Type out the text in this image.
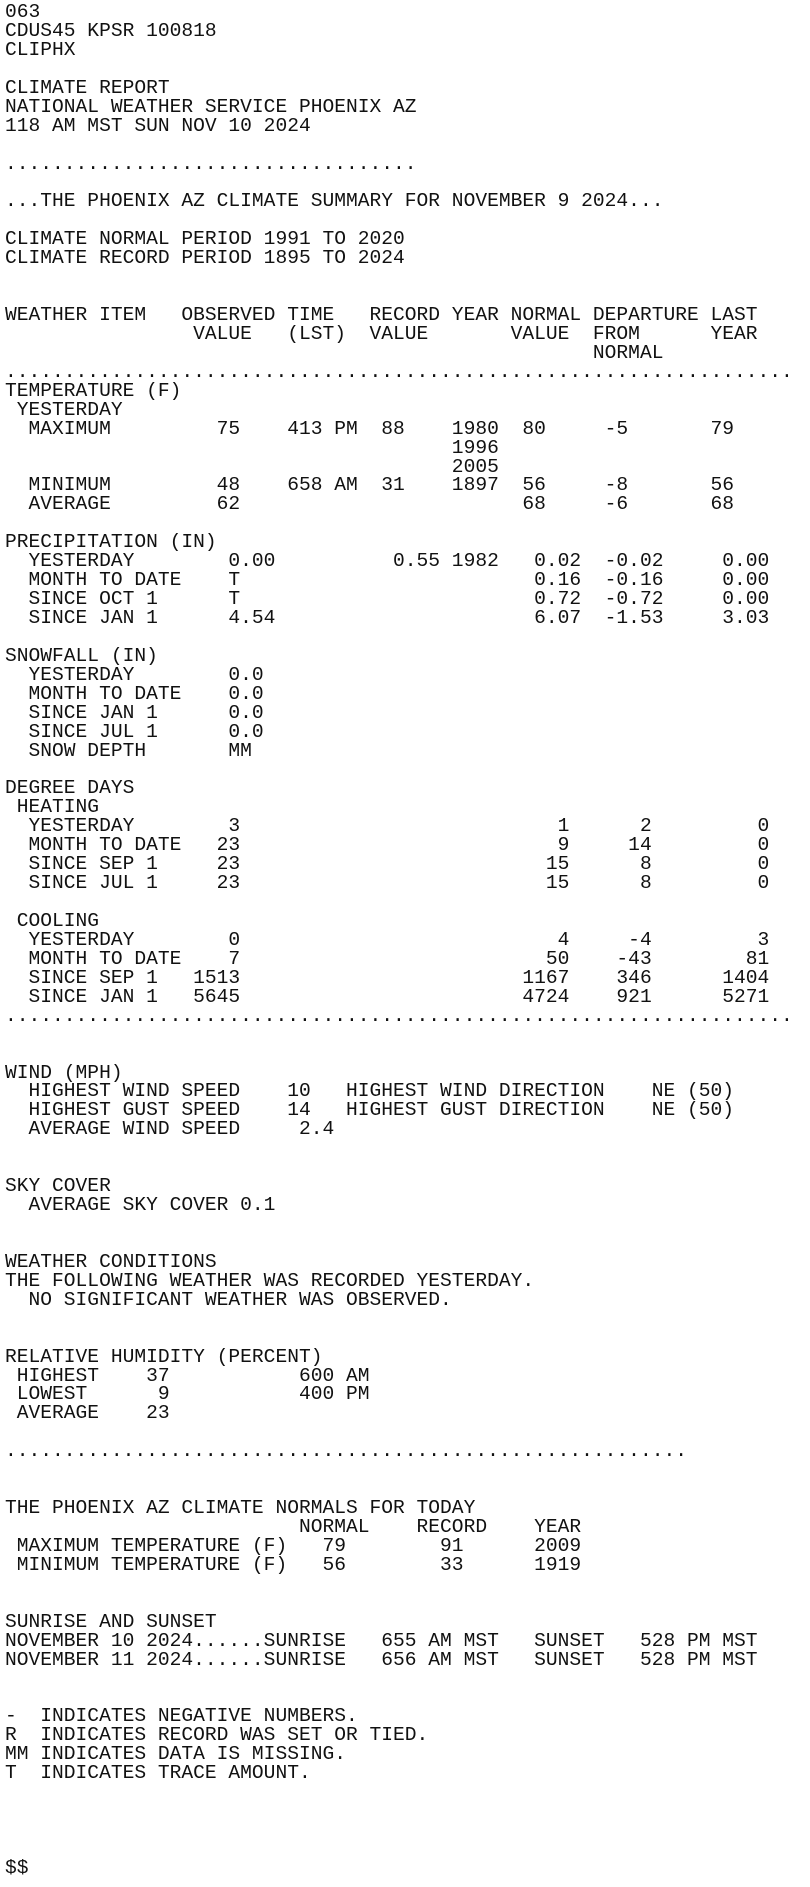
063
CDUS45 KPSR 100818
CLIPHX
CLIMATE REPORT
NATIONAL WEATHER SERVICE PHOENIX AZ
118 AM MST SUN NOV 10 2024
...................................
...THE PHOENIX AZ CLIMATE SUMMARY FOR NOVEMBER 9 2024...
CLIMATE NORMAL PERIOD 1991 TO 2020
CLIMATE RECORD PERIOD 1895 TO 2024
WEATHER ITEM   OBSERVED TIME   RECORD YEAR NORMAL DEPARTURE LAST
VALUE   (LST)  VALUE       VALUE  FROM      YEAR
NORMAL
...................................................................
TEMPERATURE (F)
YESTERDAY
MAXIMUM         75    413 PM  88    1980  80     -5       79
1996
2005
MINIMUM         48    658 AM  31    1897  56     -8       56
AVERAGE         62                        68     -6       68
PRECIPITATION (IN)
YESTERDAY        0.00          0.55 1982   0.02  -0.02     0.00
MONTH TO DATE    T                         0.16  -0.16     0.00
SINCE OCT 1      T                         0.72  -0.72     0.00
SINCE JAN 1      4.54                      6.07  -1.53     3.03
SNOWFALL (IN)
YESTERDAY        0.0
MONTH TO DATE    0.0
SINCE JAN 1      0.0
SINCE JUL 1      0.0
SNOW DEPTH       MM
DEGREE DAYS
HEATING
YESTERDAY        3                           1      2         0
MONTH TO DATE   23                           9     14         0
SINCE SEP 1     23                          15      8         0
SINCE JUL 1     23                          15      8         0
COOLING
YESTERDAY        0                           4     -4         3
MONTH TO DATE    7                          50    -43        81
SINCE SEP 1   1513                        1167    346      1404
SINCE JAN 1   5645                        4724    921      5271
...................................................................
WIND (MPH)
HIGHEST WIND SPEED    10   HIGHEST WIND DIRECTION    NE (50)
HIGHEST GUST SPEED    14   HIGHEST GUST DIRECTION    NE (50)
AVERAGE WIND SPEED     2.4
SKY COVER
AVERAGE SKY COVER 0.1
WEATHER CONDITIONS
THE FOLLOWING WEATHER WAS RECORDED YESTERDAY.
NO SIGNIFICANT WEATHER WAS OBSERVED.
RELATIVE HUMIDITY (PERCENT)
HIGHEST    37           600 AM
LOWEST      9           400 PM
AVERAGE    23
..........................................................
THE PHOENIX AZ CLIMATE NORMALS FOR TODAY
NORMAL    RECORD    YEAR
MAXIMUM TEMPERATURE (F)   79        91      2009
MINIMUM TEMPERATURE (F)   56        33      1919
SUNRISE AND SUNSET
NOVEMBER 10 2024......SUNRISE   655 AM MST   SUNSET   528 PM MST
NOVEMBER 11 2024......SUNRISE   656 AM MST   SUNSET   528 PM MST
-  INDICATES NEGATIVE NUMBERS.
R  INDICATES RECORD WAS SET OR TIED.
MM INDICATES DATA IS MISSING.
T  INDICATES TRACE AMOUNT.
$$
